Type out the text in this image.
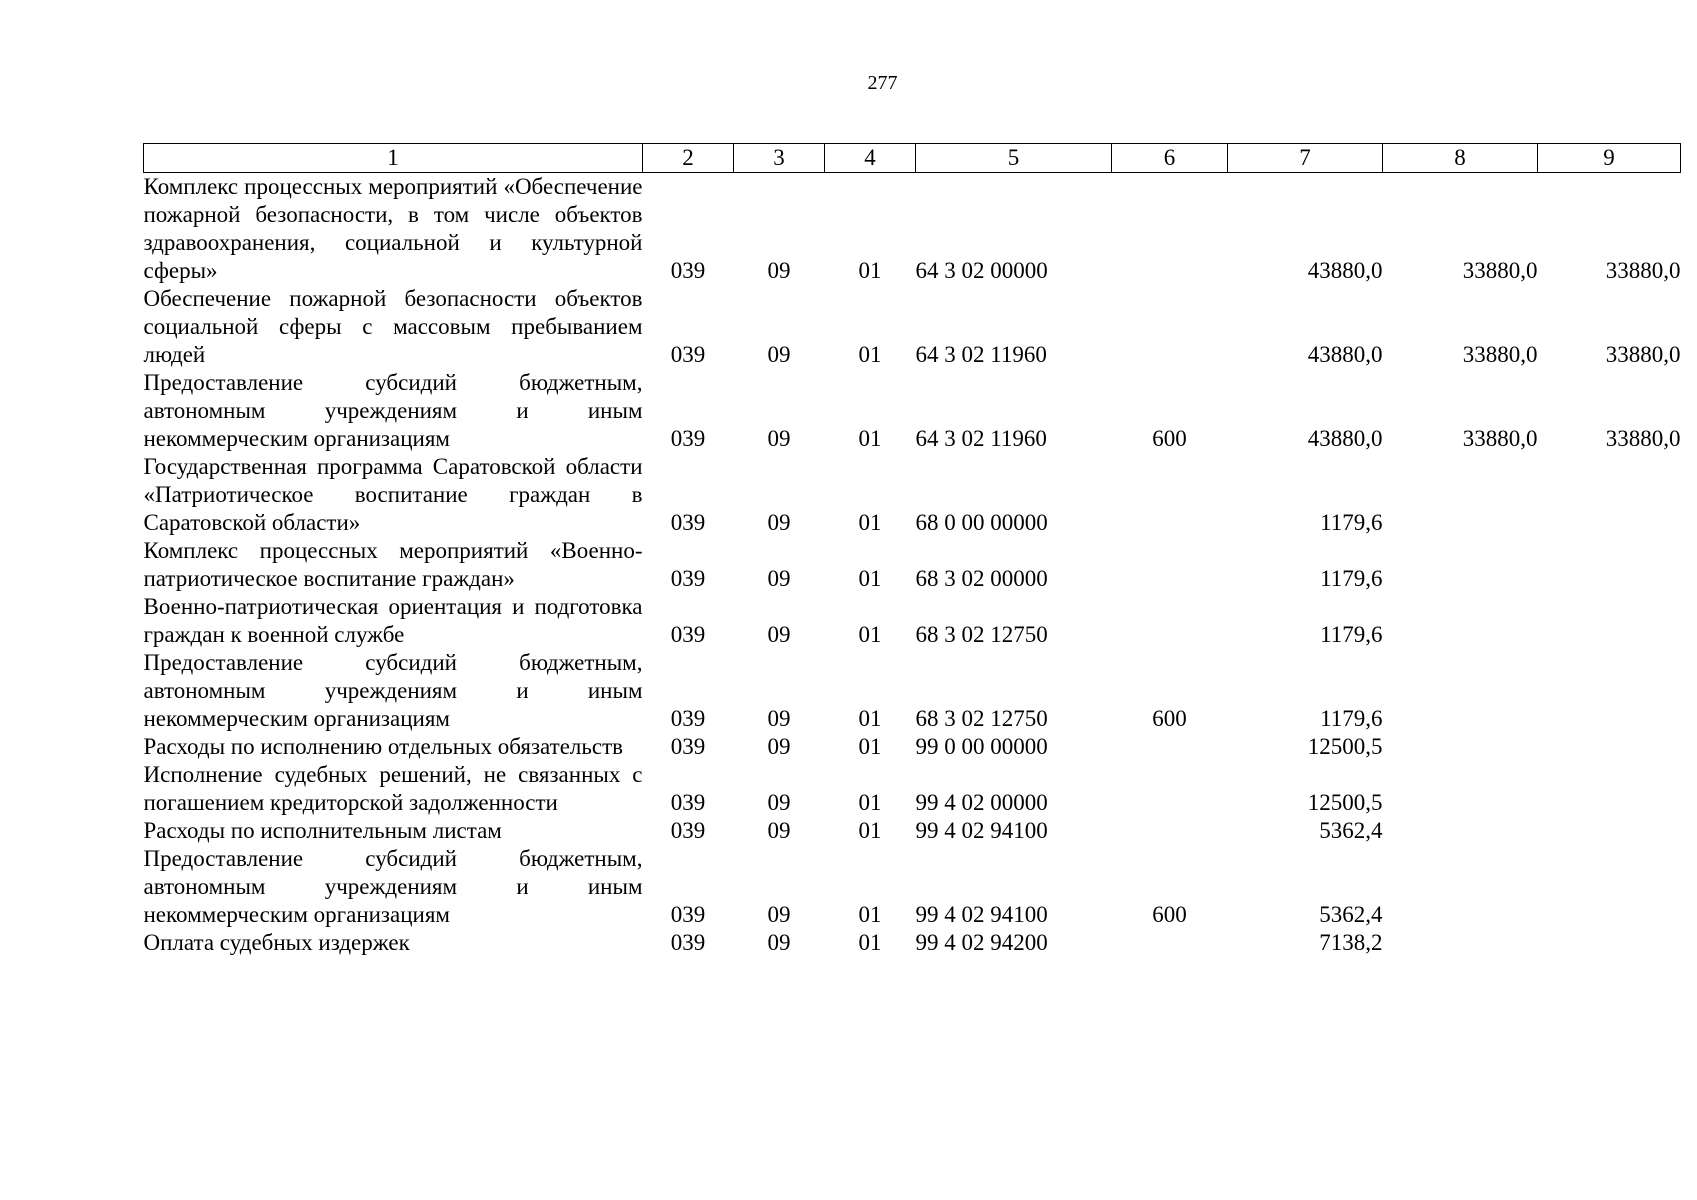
277
1	2	3	4	5	6	7	8	9
Комплекс процессных мероприятий «Обеспечение пожарной безопасности, в том числе объектов здравоохранения, социальной и культурной сферы»	039	09	01	64 3 02 00000		43880,0	33880,0	33880,0
Обеспечение пожарной безопасности объектов социальной сферы с массовым пребыванием людей	039	09	01	64 3 02 11960		43880,0	33880,0	33880,0
Предоставление субсидий бюджетным, автономным учреждениям и иным некоммерческим организациям	039	09	01	64 3 02 11960	600	43880,0	33880,0	33880,0
Государственная программа Саратовской области «Патриотическое воспитание граждан в Саратовской области»	039	09	01	68 0 00 00000		1179,6		
Комплекс процессных мероприятий «Военно-патриотическое воспитание граждан»	039	09	01	68 3 02 00000		1179,6		
Военно-патриотическая ориентация и подготовка граждан к военной службе	039	09	01	68 3 02 12750		1179,6		
Предоставление субсидий бюджетным, автономным учреждениям и иным некоммерческим организациям	039	09	01	68 3 02 12750	600	1179,6		
Расходы по исполнению отдельных обязательств	039	09	01	99 0 00 00000		12500,5		
Исполнение судебных решений, не связанных с погашением кредиторской задолженности	039	09	01	99 4 02 00000		12500,5		
Расходы по исполнительным листам	039	09	01	99 4 02 94100		5362,4		
Предоставление субсидий бюджетным, автономным учреждениям и иным некоммерческим организациям	039	09	01	99 4 02 94100	600	5362,4		
Оплата судебных издержек	039	09	01	99 4 02 94200		7138,2		
